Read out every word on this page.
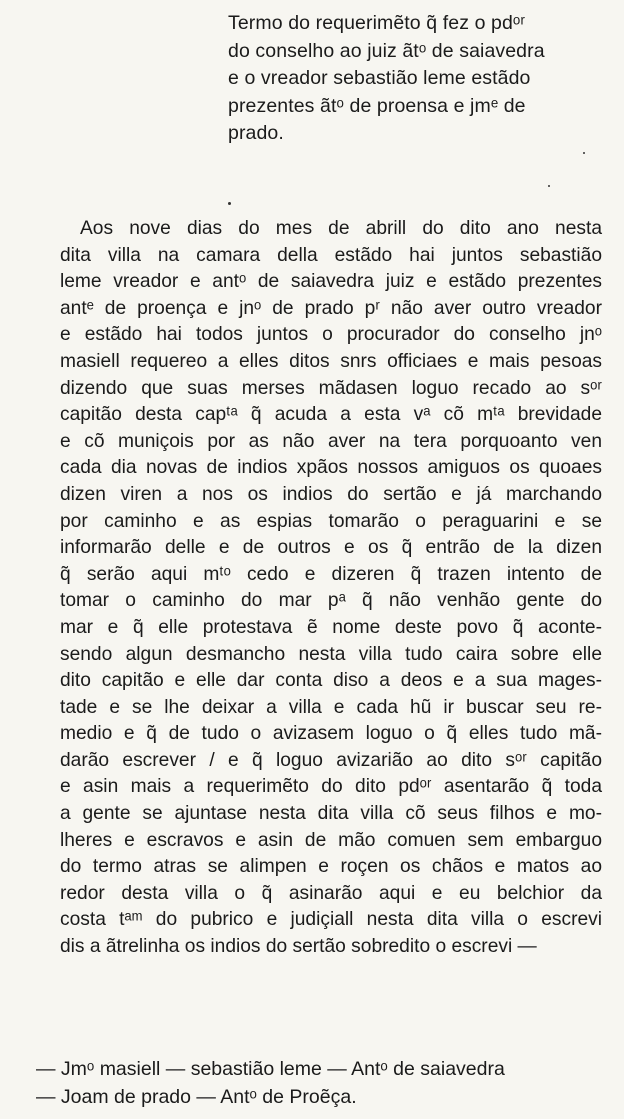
Termo do requerimẽto q̃ fez o pdᵒʳ
do conselho ao juiz ãtᵒ de saiavedra
e o vreador sebastião leme estãdo
prezentes ãtᵒ de proensa e jmᵉ de
prado.
Aos nove dias do mes de abrill do dito ano nesta
dita villa na camara della estãdo hai juntos sebastião
leme vreador e antᵒ de saiavedra juiz e estãdo prezentes
antᵉ de proença e jnᵒ de prado pʳ não aver outro vreador
e estãdo hai todos juntos o procurador do conselho jnᵒ
masiell requereo a elles ditos snrs officiaes e mais pesoas
dizendo que suas merses mãdasen loguo recado ao sᵒʳ
capitão desta capᵗᵃ q̃ acuda a esta vᵃ cõ mᵗᵃ brevidade
e cõ muniçois por as não aver na tera porquoanto ven
cada dia novas de indios xpãos nossos amiguos os quoaes
dizen viren a nos os indios do sertão e já marchando
por caminho e as espias tomarão o peraguarini e se
informarão delle e de outros e os q̃ entrão de la dizen
q̃ serão aqui mᵗᵒ cedo e dizeren q̃ trazen intento de
tomar o caminho do mar pᵃ q̃ não venhão gente do
mar e q̃ elle protestava ẽ nome deste povo q̃ aconte-
sendo algun desmancho nesta villa tudo caira sobre elle
dito capitão e elle dar conta diso a deos e a sua mages-
tade e se lhe deixar a villa e cada hũ ir buscar seu re-
medio e q̃ de tudo o avizasem loguo o q̃ elles tudo mã-
darão escrever / e q̃ loguo avizarião ao dito sᵒʳ capitão
e asin mais a requerimẽto do dito pdᵒʳ asentarão q̃ toda
a gente se ajuntase nesta dita villa cõ seus filhos e mo-
lheres e escravos e asin de mão comuen sem embarguo
do termo atras se alimpen e roçen os chãos e matos ao
redor desta villa o q̃ asinarão aqui e eu belchior da
costa tᵃᵐ do pubrico e judiçiall nesta dita villa o escrevi
dis a ãtrelinha os indios do sertão sobredito o escrevi —
— Jmᵒ masiell — sebastião leme — Antᵒ de saiavedra
— Joam de prado — Antᵒ de Proẽça.
